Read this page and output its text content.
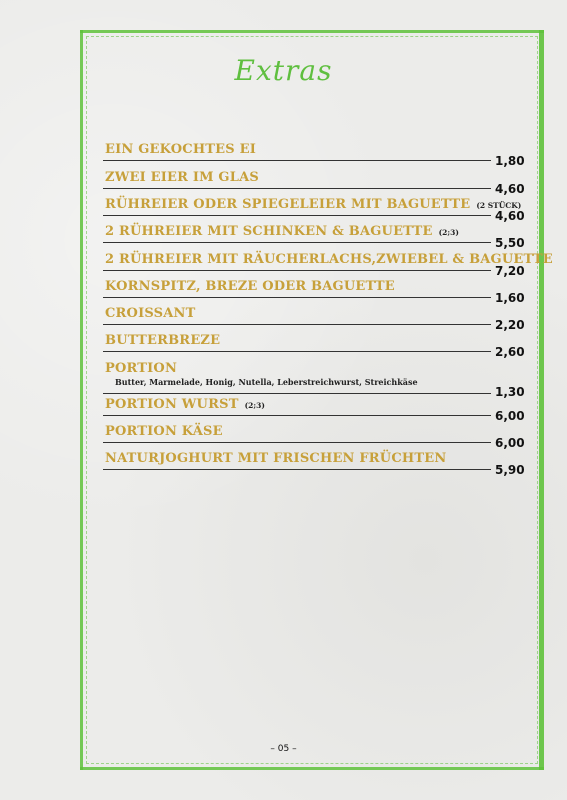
Extras
EIN GEKOCHTES EI
1,80
ZWEI EIER IM GLAS
4,60
RÜHREIER ODER SPIEGELEIER MIT BAGUETTE (2 STÜCK)
4,60
2 RÜHREIER MIT SCHINKEN & BAGUETTE (2;3)
5,50
2 RÜHREIER MIT RÄUCHERLACHS,ZWIEBEL & BAGUETTE
7,20
KORNSPITZ, BREZE ODER BAGUETTE
1,60
CROISSANT
2,20
BUTTERBREZE
2,60
PORTION
Butter, Marmelade, Honig, Nutella, Leberstreichwurst, Streichkäse
1,30
PORTION WURST (2;3)
6,00
PORTION KÄSE
6,00
NATURJOGHURT MIT FRISCHEN FRÜCHTEN
5,90
– 05 –
